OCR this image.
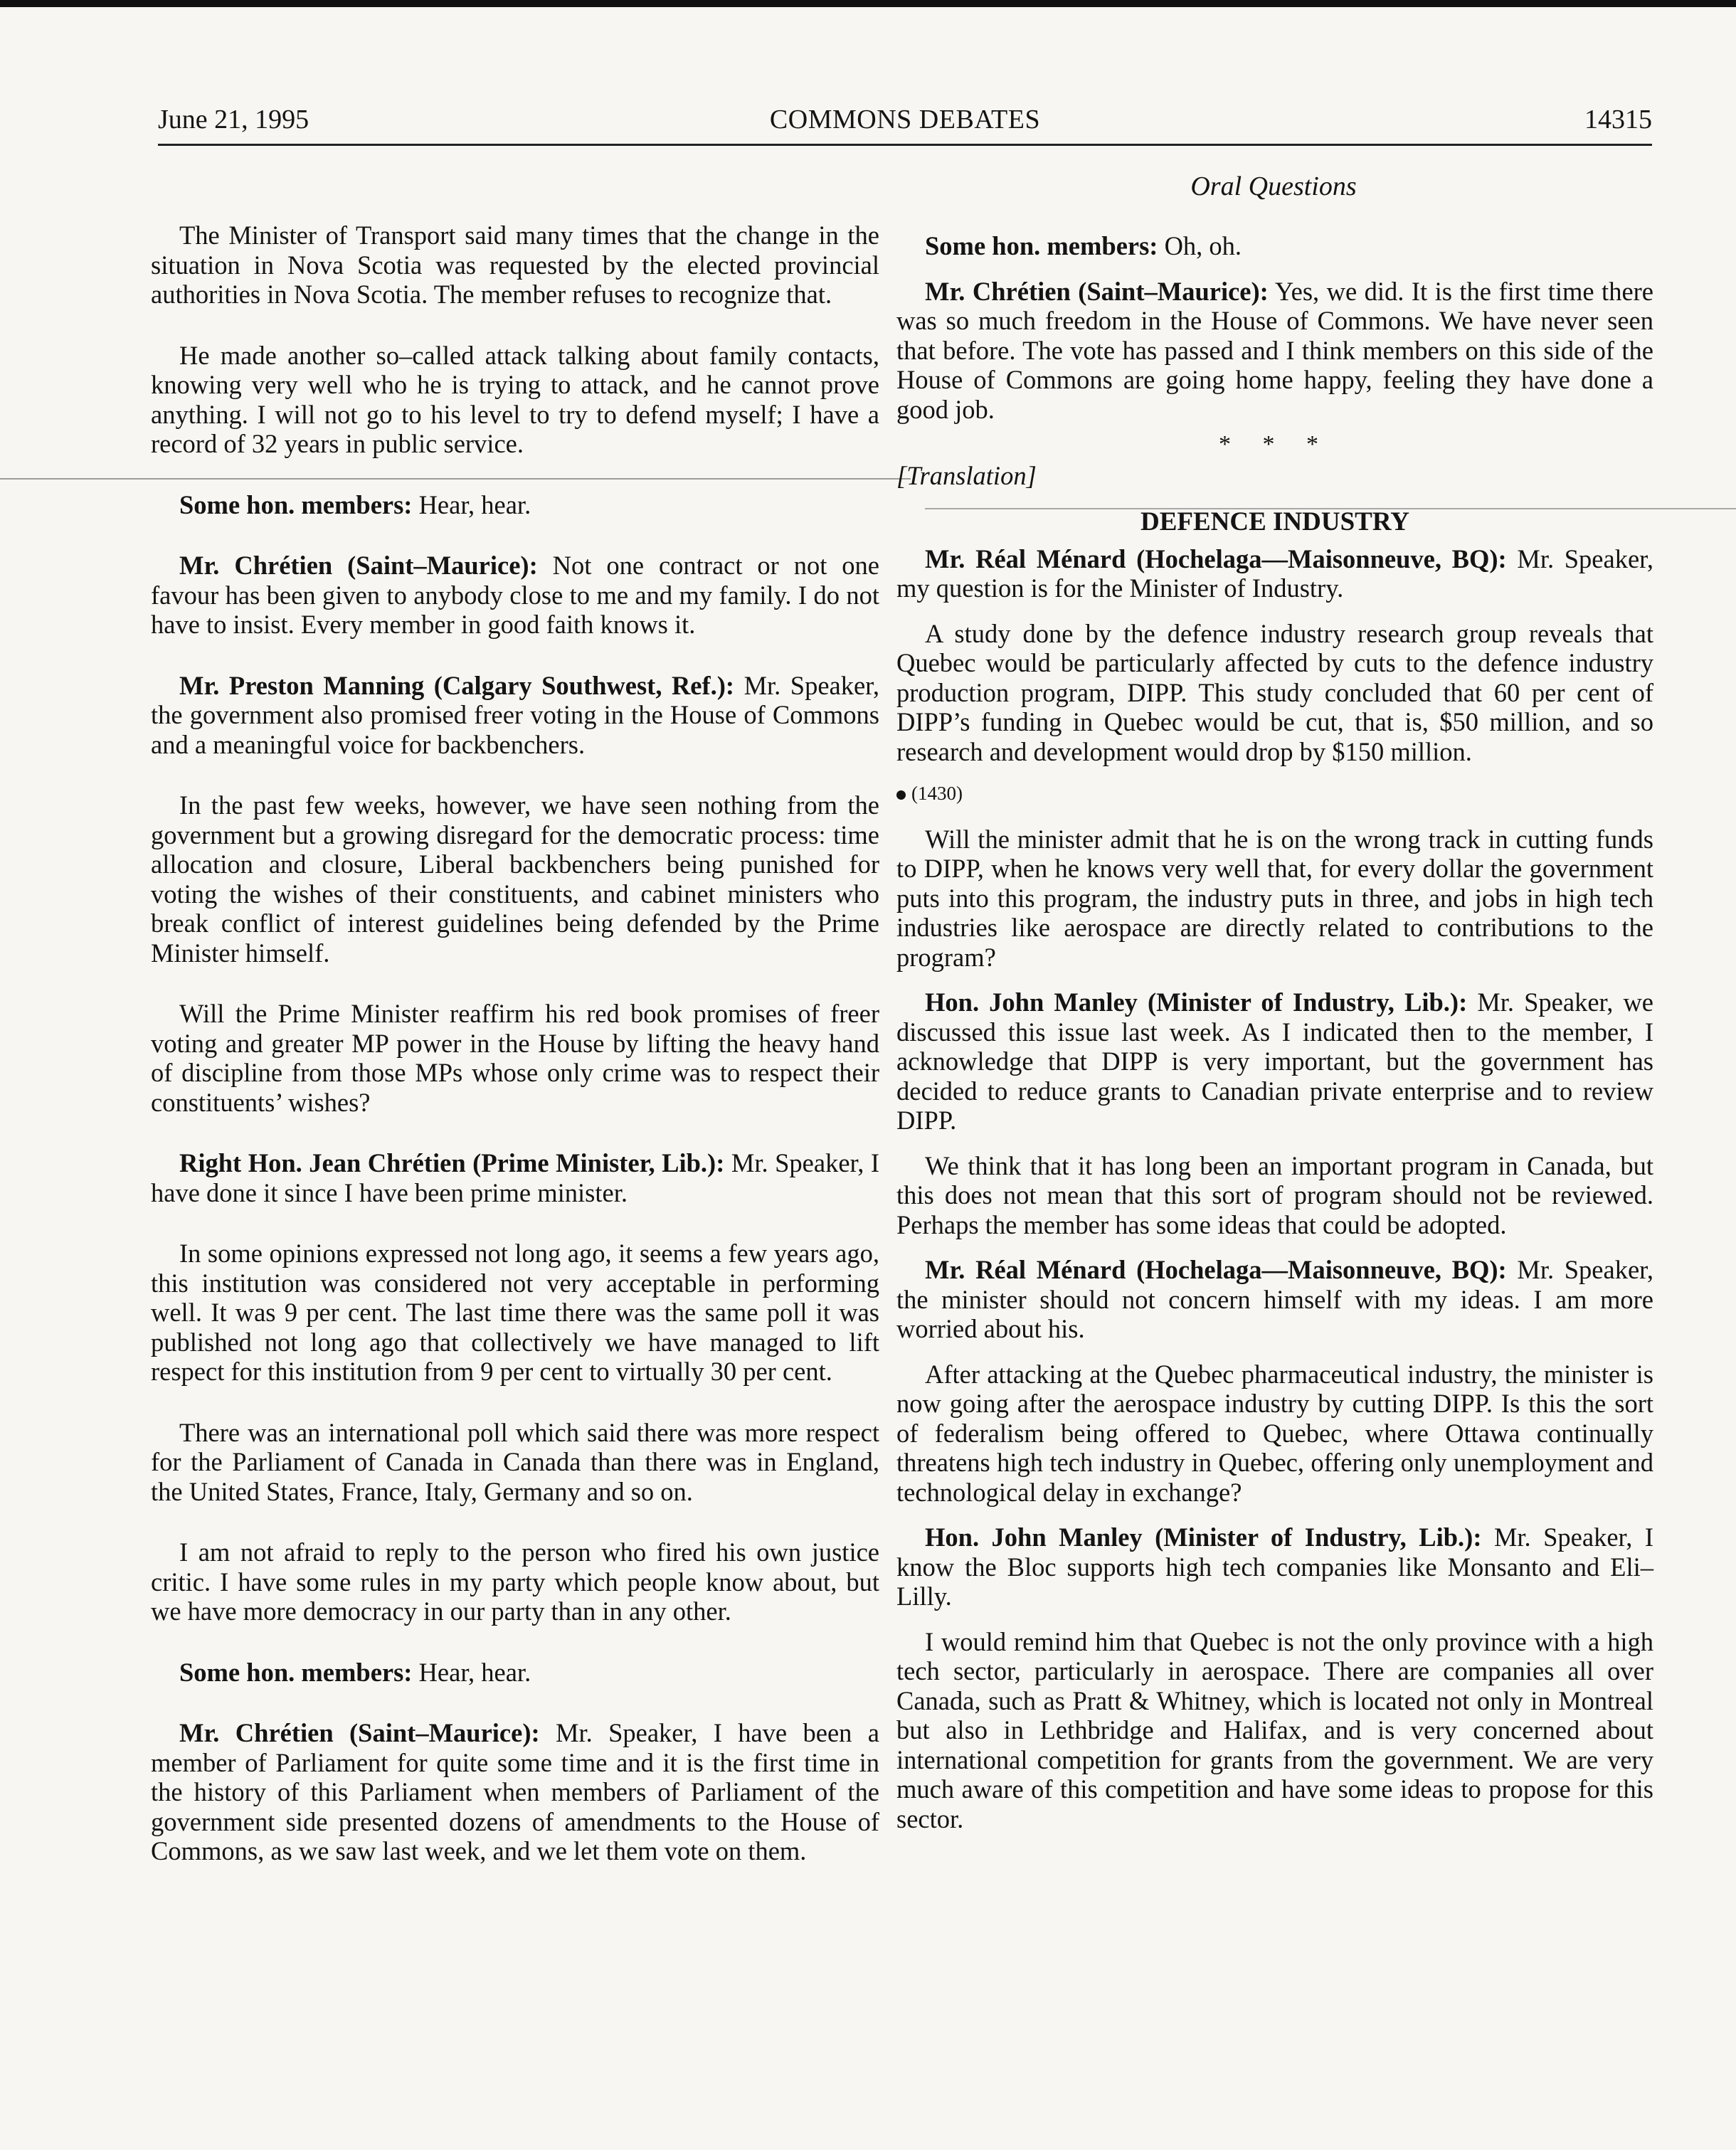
June 21, 1995	COMMONS DEBATES	14315
Oral Questions

The Minister of Transport said many times that the change in the situation in Nova Scotia was requested by the elected provincial authorities in Nova Scotia. The member refuses to recognize that.

He made another so–called attack talking about family contacts, knowing very well who he is trying to attack, and he cannot prove anything. I will not go to his level to try to defend myself; I have a record of 32 years in public service.

Some hon. members: Hear, hear.

Mr. Chrétien (Saint–Maurice): Not one contract or not one favour has been given to anybody close to me and my family. I do not have to insist. Every member in good faith knows it.

Mr. Preston Manning (Calgary Southwest, Ref.): Mr. Speaker, the government also promised freer voting in the House of Commons and a meaningful voice for backbenchers.

In the past few weeks, however, we have seen nothing from the government but a growing disregard for the democratic process: time allocation and closure, Liberal backbenchers being punished for voting the wishes of their constituents, and cabinet ministers who break conflict of interest guidelines being defended by the Prime Minister himself.

Will the Prime Minister reaffirm his red book promises of freer voting and greater MP power in the House by lifting the heavy hand of discipline from those MPs whose only crime was to respect their constituents’ wishes?

Right Hon. Jean Chrétien (Prime Minister, Lib.): Mr. Speaker, I have done it since I have been prime minister.

In some opinions expressed not long ago, it seems a few years ago, this institution was considered not very acceptable in performing well. It was 9 per cent. The last time there was the same poll it was published not long ago that collectively we have managed to lift respect for this institution from 9 per cent to virtually 30 per cent.

There was an international poll which said there was more respect for the Parliament of Canada in Canada than there was in England, the United States, France, Italy, Germany and so on.

I am not afraid to reply to the person who fired his own justice critic. I have some rules in my party which people know about, but we have more democracy in our party than in any other.

Some hon. members: Hear, hear.

Mr. Chrétien (Saint–Maurice): Mr. Speaker, I have been a member of Parliament for quite some time and it is the first time in the history of this Parliament when members of Parliament of the government side presented dozens of amendments to the House of Commons, as we saw last week, and we let them vote on them.

Some hon. members: Oh, oh.

Mr. Chrétien (Saint–Maurice): Yes, we did. It is the first time there was so much freedom in the House of Commons. We have never seen that before. The vote has passed and I think members on this side of the House of Commons are going home happy, feeling they have done a good job.

* * *

[Translation]

DEFENCE INDUSTRY

Mr. Réal Ménard (Hochelaga—Maisonneuve, BQ): Mr. Speaker, my question is for the Minister of Industry.

A study done by the defence industry research group reveals that Quebec would be particularly affected by cuts to the defence industry production program, DIPP. This study concluded that 60 per cent of DIPP’s funding in Quebec would be cut, that is, $50 million, and so research and development would drop by $150 million.

(1430)

Will the minister admit that he is on the wrong track in cutting funds to DIPP, when he knows very well that, for every dollar the government puts into this program, the industry puts in three, and jobs in high tech industries like aerospace are directly related to contributions to the program?

Hon. John Manley (Minister of Industry, Lib.): Mr. Speaker, we discussed this issue last week. As I indicated then to the member, I acknowledge that DIPP is very important, but the government has decided to reduce grants to Canadian private enterprise and to review DIPP.

We think that it has long been an important program in Canada, but this does not mean that this sort of program should not be reviewed. Perhaps the member has some ideas that could be adopted.

Mr. Réal Ménard (Hochelaga—Maisonneuve, BQ): Mr. Speaker, the minister should not concern himself with my ideas. I am more worried about his.

After attacking at the Quebec pharmaceutical industry, the minister is now going after the aerospace industry by cutting DIPP. Is this the sort of federalism being offered to Quebec, where Ottawa continually threatens high tech industry in Quebec, offering only unemployment and technological delay in exchange?

Hon. John Manley (Minister of Industry, Lib.): Mr. Speaker, I know the Bloc supports high tech companies like Monsanto and Eli–Lilly.

I would remind him that Quebec is not the only province with a high tech sector, particularly in aerospace. There are companies all over Canada, such as Pratt & Whitney, which is located not only in Montreal but also in Lethbridge and Halifax, and is very concerned about international competition for grants from the government. We are very much aware of this competition and have some ideas to propose for this sector.
